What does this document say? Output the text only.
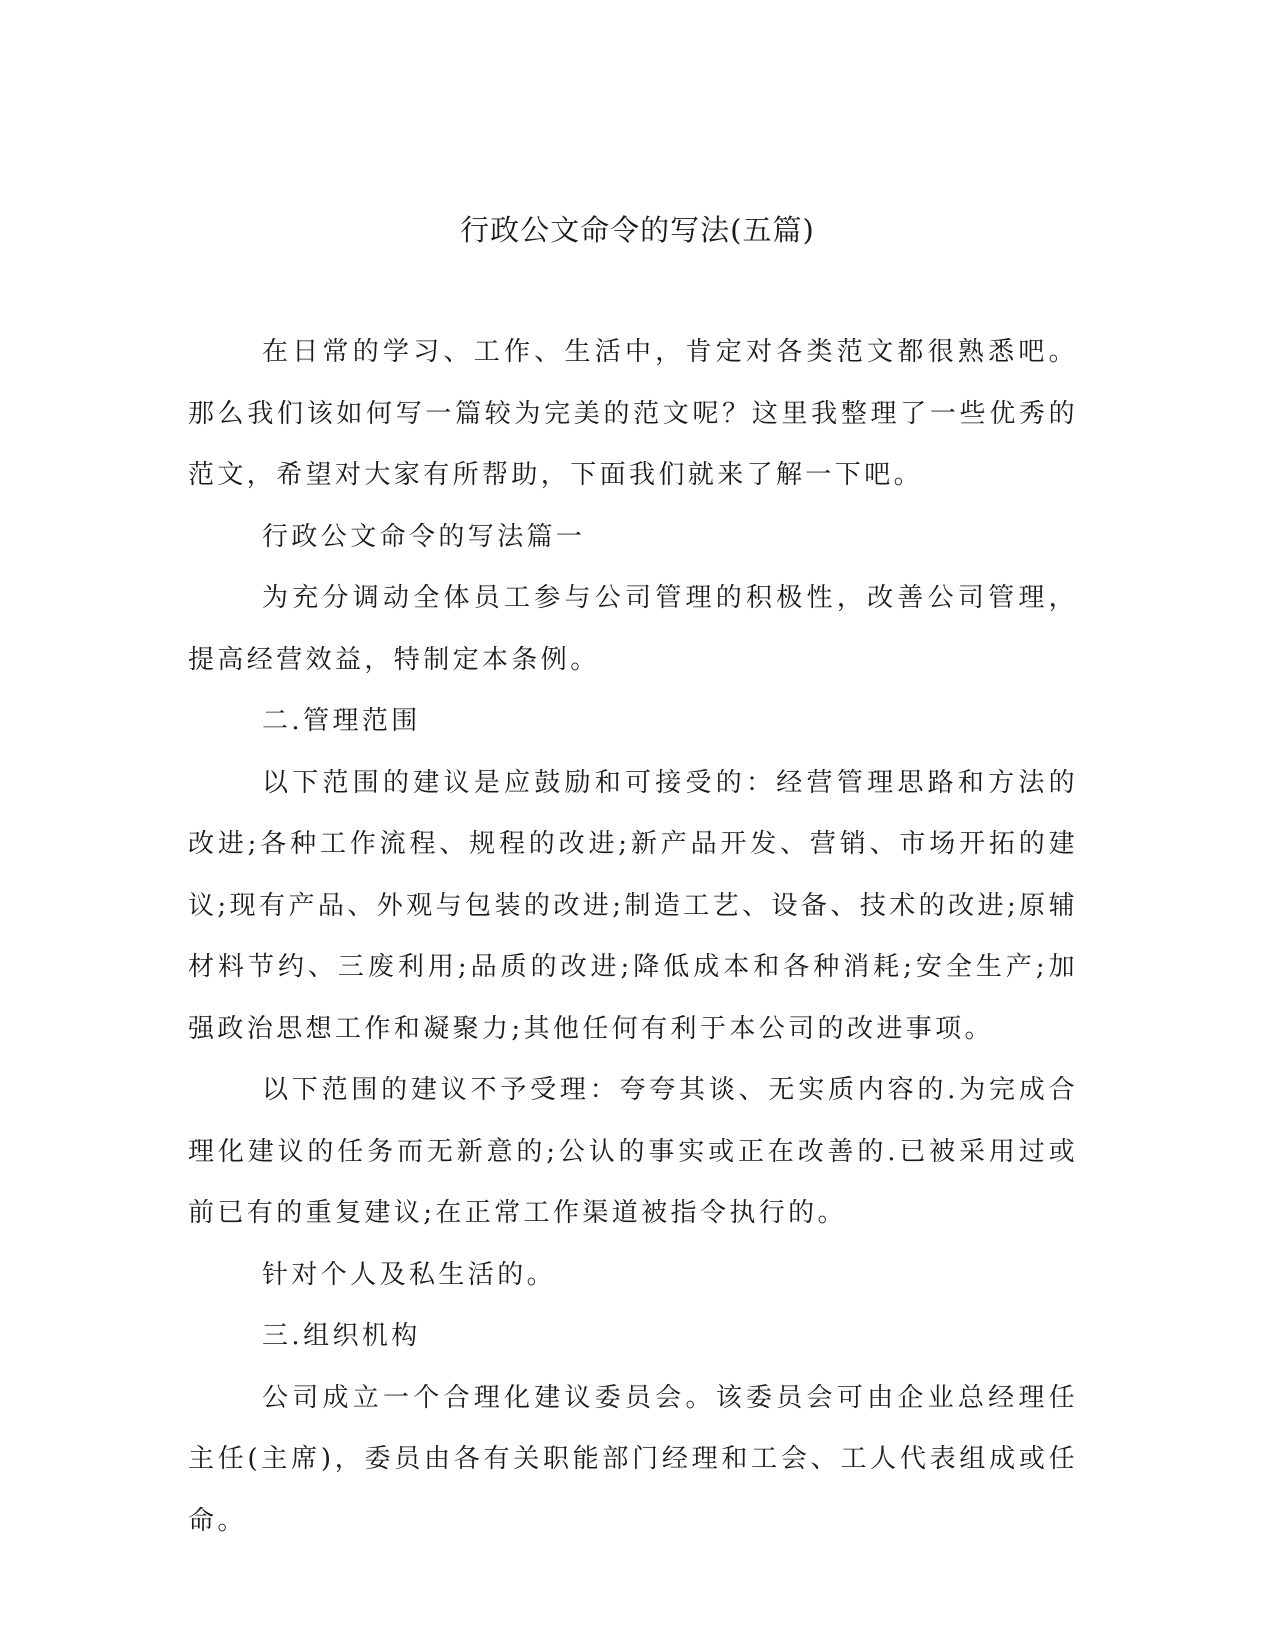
行政公文命令的写法(五篇)

在日常的学习、工作、生活中，肯定对各类范文都很熟悉吧。那么我们该如何写一篇较为完美的范文呢？这里我整理了一些优秀的范文，希望对大家有所帮助，下面我们就来了解一下吧。

行政公文命令的写法篇一

为充分调动全体员工参与公司管理的积极性，改善公司管理，提高经营效益，特制定本条例。

二.管理范围

以下范围的建议是应鼓励和可接受的：经营管理思路和方法的改进;各种工作流程、规程的改进;新产品开发、营销、市场开拓的建议;现有产品、外观与包装的改进;制造工艺、设备、技术的改进;原辅材料节约、三废利用;品质的改进;降低成本和各种消耗;安全生产;加强政治思想工作和凝聚力;其他任何有利于本公司的改进事项。

以下范围的建议不予受理：夸夸其谈、无实质内容的.为完成合理化建议的任务而无新意的;公认的事实或正在改善的.已被采用过或前已有的重复建议;在正常工作渠道被指令执行的。

针对个人及私生活的。

三.组织机构

公司成立一个合理化建议委员会。该委员会可由企业总经理任主任(主席)，委员由各有关职能部门经理和工会、工人代表组成或任命。
